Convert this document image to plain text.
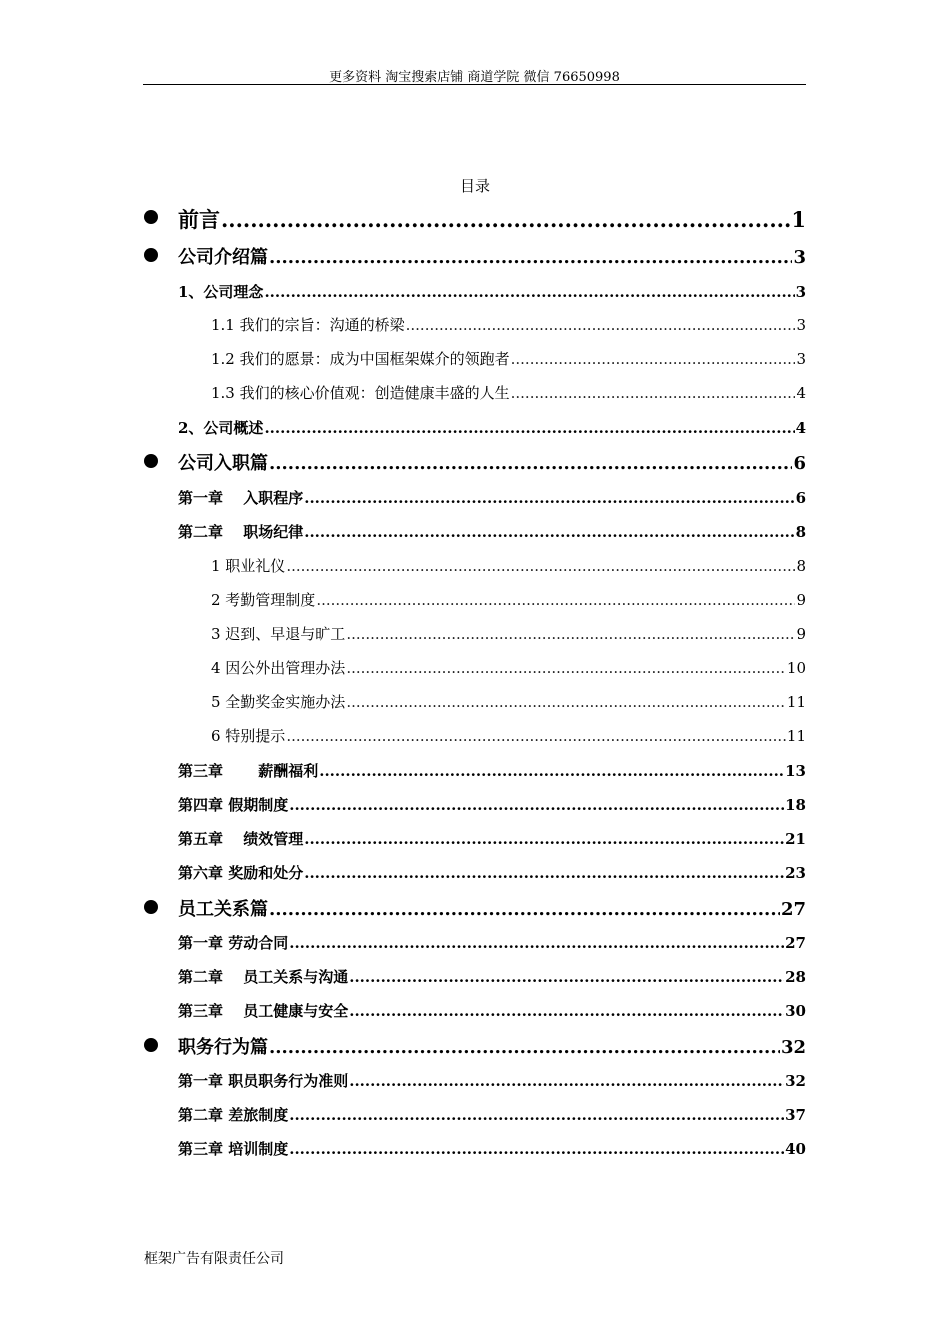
更多资料 淘宝搜索店铺 商道学院 微信 76650998
目录
前言 .....	1
公司介绍篇 .....	3
1、公司理念 .....	3
1.1 我们的宗旨：沟通的桥梁 .....	3
1.2 我们的愿景：成为中国框架媒介的领跑者 .....	3
1.3 我们的核心价值观：创造健康丰盛的人生 .....	4
2、公司概述 .....	4
公司入职篇 .....	6
第一章　 入职程序 .....	6
第二章　 职场纪律 .....	8
1 职业礼仪 .....	8
2 考勤管理制度 .....	9
3 迟到、早退与旷工 .....	9
4 因公外出管理办法 .....	10
5 全勤奖金实施办法 .....	11
6 特别提示 .....	11
第三章　　 薪酬福利 .....	13
第四章 假期制度 .....	18
第五章　 绩效管理 .....	21
第六章 奖励和处分 .....	23
员工关系篇 .....	27
第一章 劳动合同 .....	27
第二章　 员工关系与沟通 .....	28
第三章　 员工健康与安全 .....	30
职务行为篇 .....	32
第一章 职员职务行为准则 .....	32
第二章 差旅制度 .....	37
第三章 培训制度 .....	40
框架广告有限责任公司
